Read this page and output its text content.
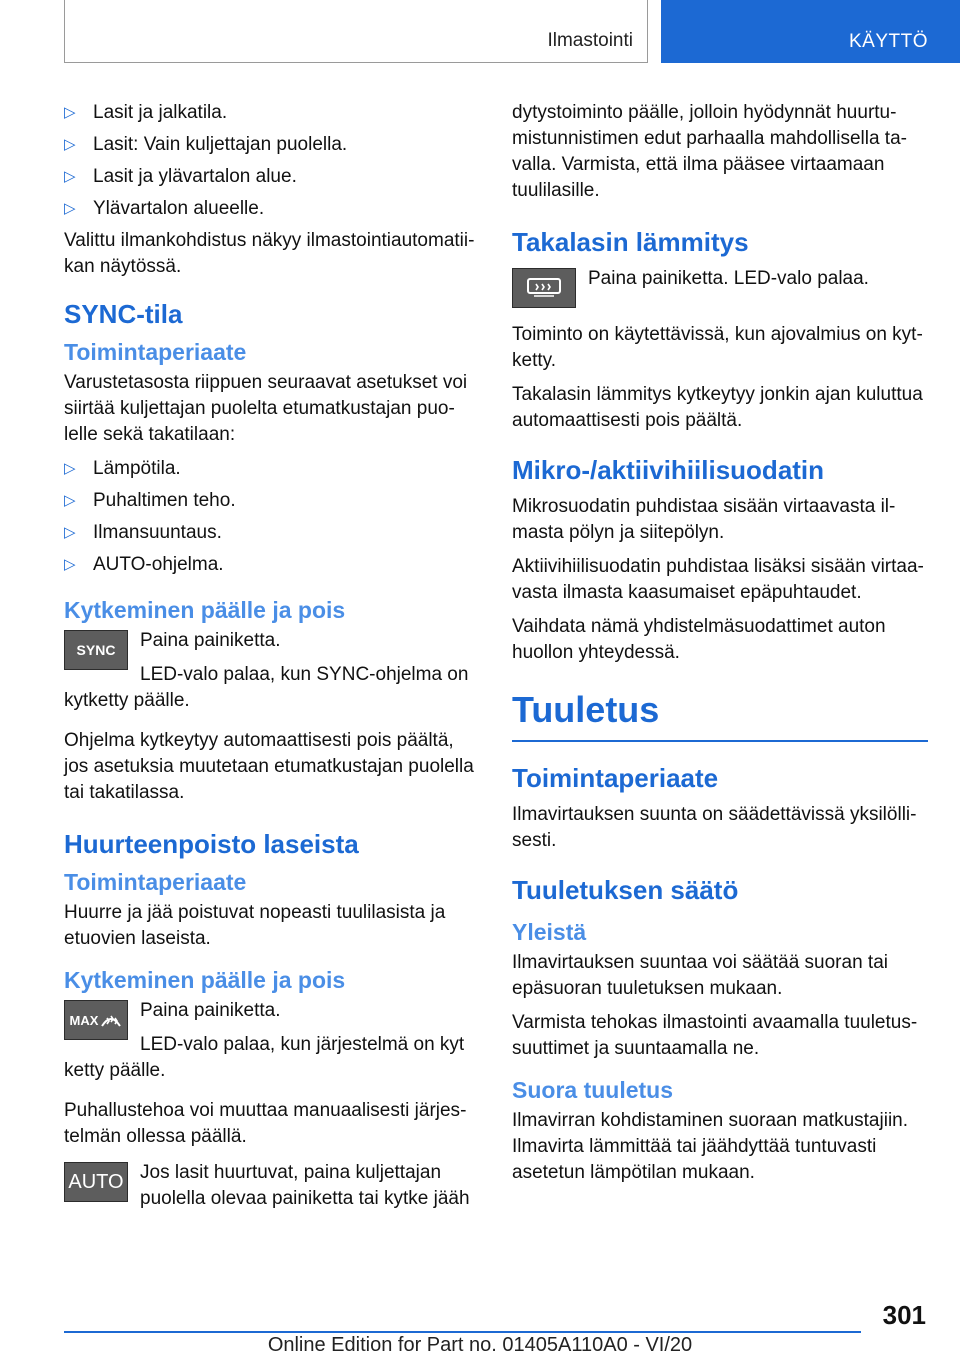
Ilmastointi	KÄYTTÖ
▷ Lasit ja jalkatila.
▷ Lasit: Vain kuljettajan puolella.
▷ Lasit ja ylävartalon alue.
▷ Ylävartalon alueelle.

Valittu ilmankohdistus näkyy ilmastointiautomatiikan näytössä.

SYNC-tila
Toimintaperiaate

Varustetasosta riippuen seuraavat asetukset voi siirtää kuljettajan puolelta etumatkustajan puolelle sekä takatilaan:

▷ Lämpötila.
▷ Puhaltimen teho.
▷ Ilmansuuntaus.
▷ AUTO-ohjelma.
Kytkeminen päälle ja pois
SYNC	Paina painiketta.

LED-valo palaa, kun SYNC-ohjelma on

kytketty päälle.

Ohjelma kytkeytyy automaattisesti pois päältä, jos asetuksia muutetaan etumatkustajan puolella tai takatilassa.

Huurteenpoisto laseista
Toimintaperiaate

Huurre ja jää poistuvat nopeasti tuulilasista ja etuovien laseista.

Kytkeminen päälle ja pois
MAX Paina painiketta.

LED-valo palaa, kun järjestelmä on kyt

ketty päälle.

Puhallustehoa voi muuttaa manuaalisesti järjestelmän ollessa päällä.

AUTO Jos lasit huurtuvat, paina kuljettajan puolella olevaa painiketta tai kytke jääh

dytystoiminto päälle, jolloin hyödynnät huurtumistunnistimen edut parhaalla mahdollisella tavalla. Varmista, että ilma pääsee virtaamaan tuulilasille.

Takalasin lämmitys

Paina painiketta. LED-valo palaa.

Toiminto on käytettävissä, kun ajovalmius on kytketty.

Takalasin lämmitys kytkeytyy jonkin ajan kuluttua automaattisesti pois päältä.

Mikro-/aktiivihiilisuodatin

Mikrosuodatin puhdistaa sisään virtaavasta ilmasta pölyn ja siitepölyn.

Aktiivihiilisuodatin puhdistaa lisäksi sisään virtaavasta ilmasta kaasumaiset epäpuhtaudet.

Vaihdata nämä yhdistelmäsuodattimet auton huollon yhteydessä.

Tuuletus
Toimintaperiaate

Ilmavirtauksen suunta on säädettävissä yksilöllisesti.

Tuuletuksen säätö
Yleistä

Ilmavirtauksen suuntaa voi säätää suoran tai epäsuoran tuuletuksen mukaan.

Varmista tehokas ilmastointi avaamalla tuuletussuuttimet ja suuntaamalla ne.

Suora tuuletus

Ilmavirran kohdistaminen suoraan matkustajiin. Ilmavirta lämmittää tai jäähdyttää tuntuvasti asetetun lämpötilan mukaan.

301
Online Edition for Part no. 01405A110A0 - VI/20
